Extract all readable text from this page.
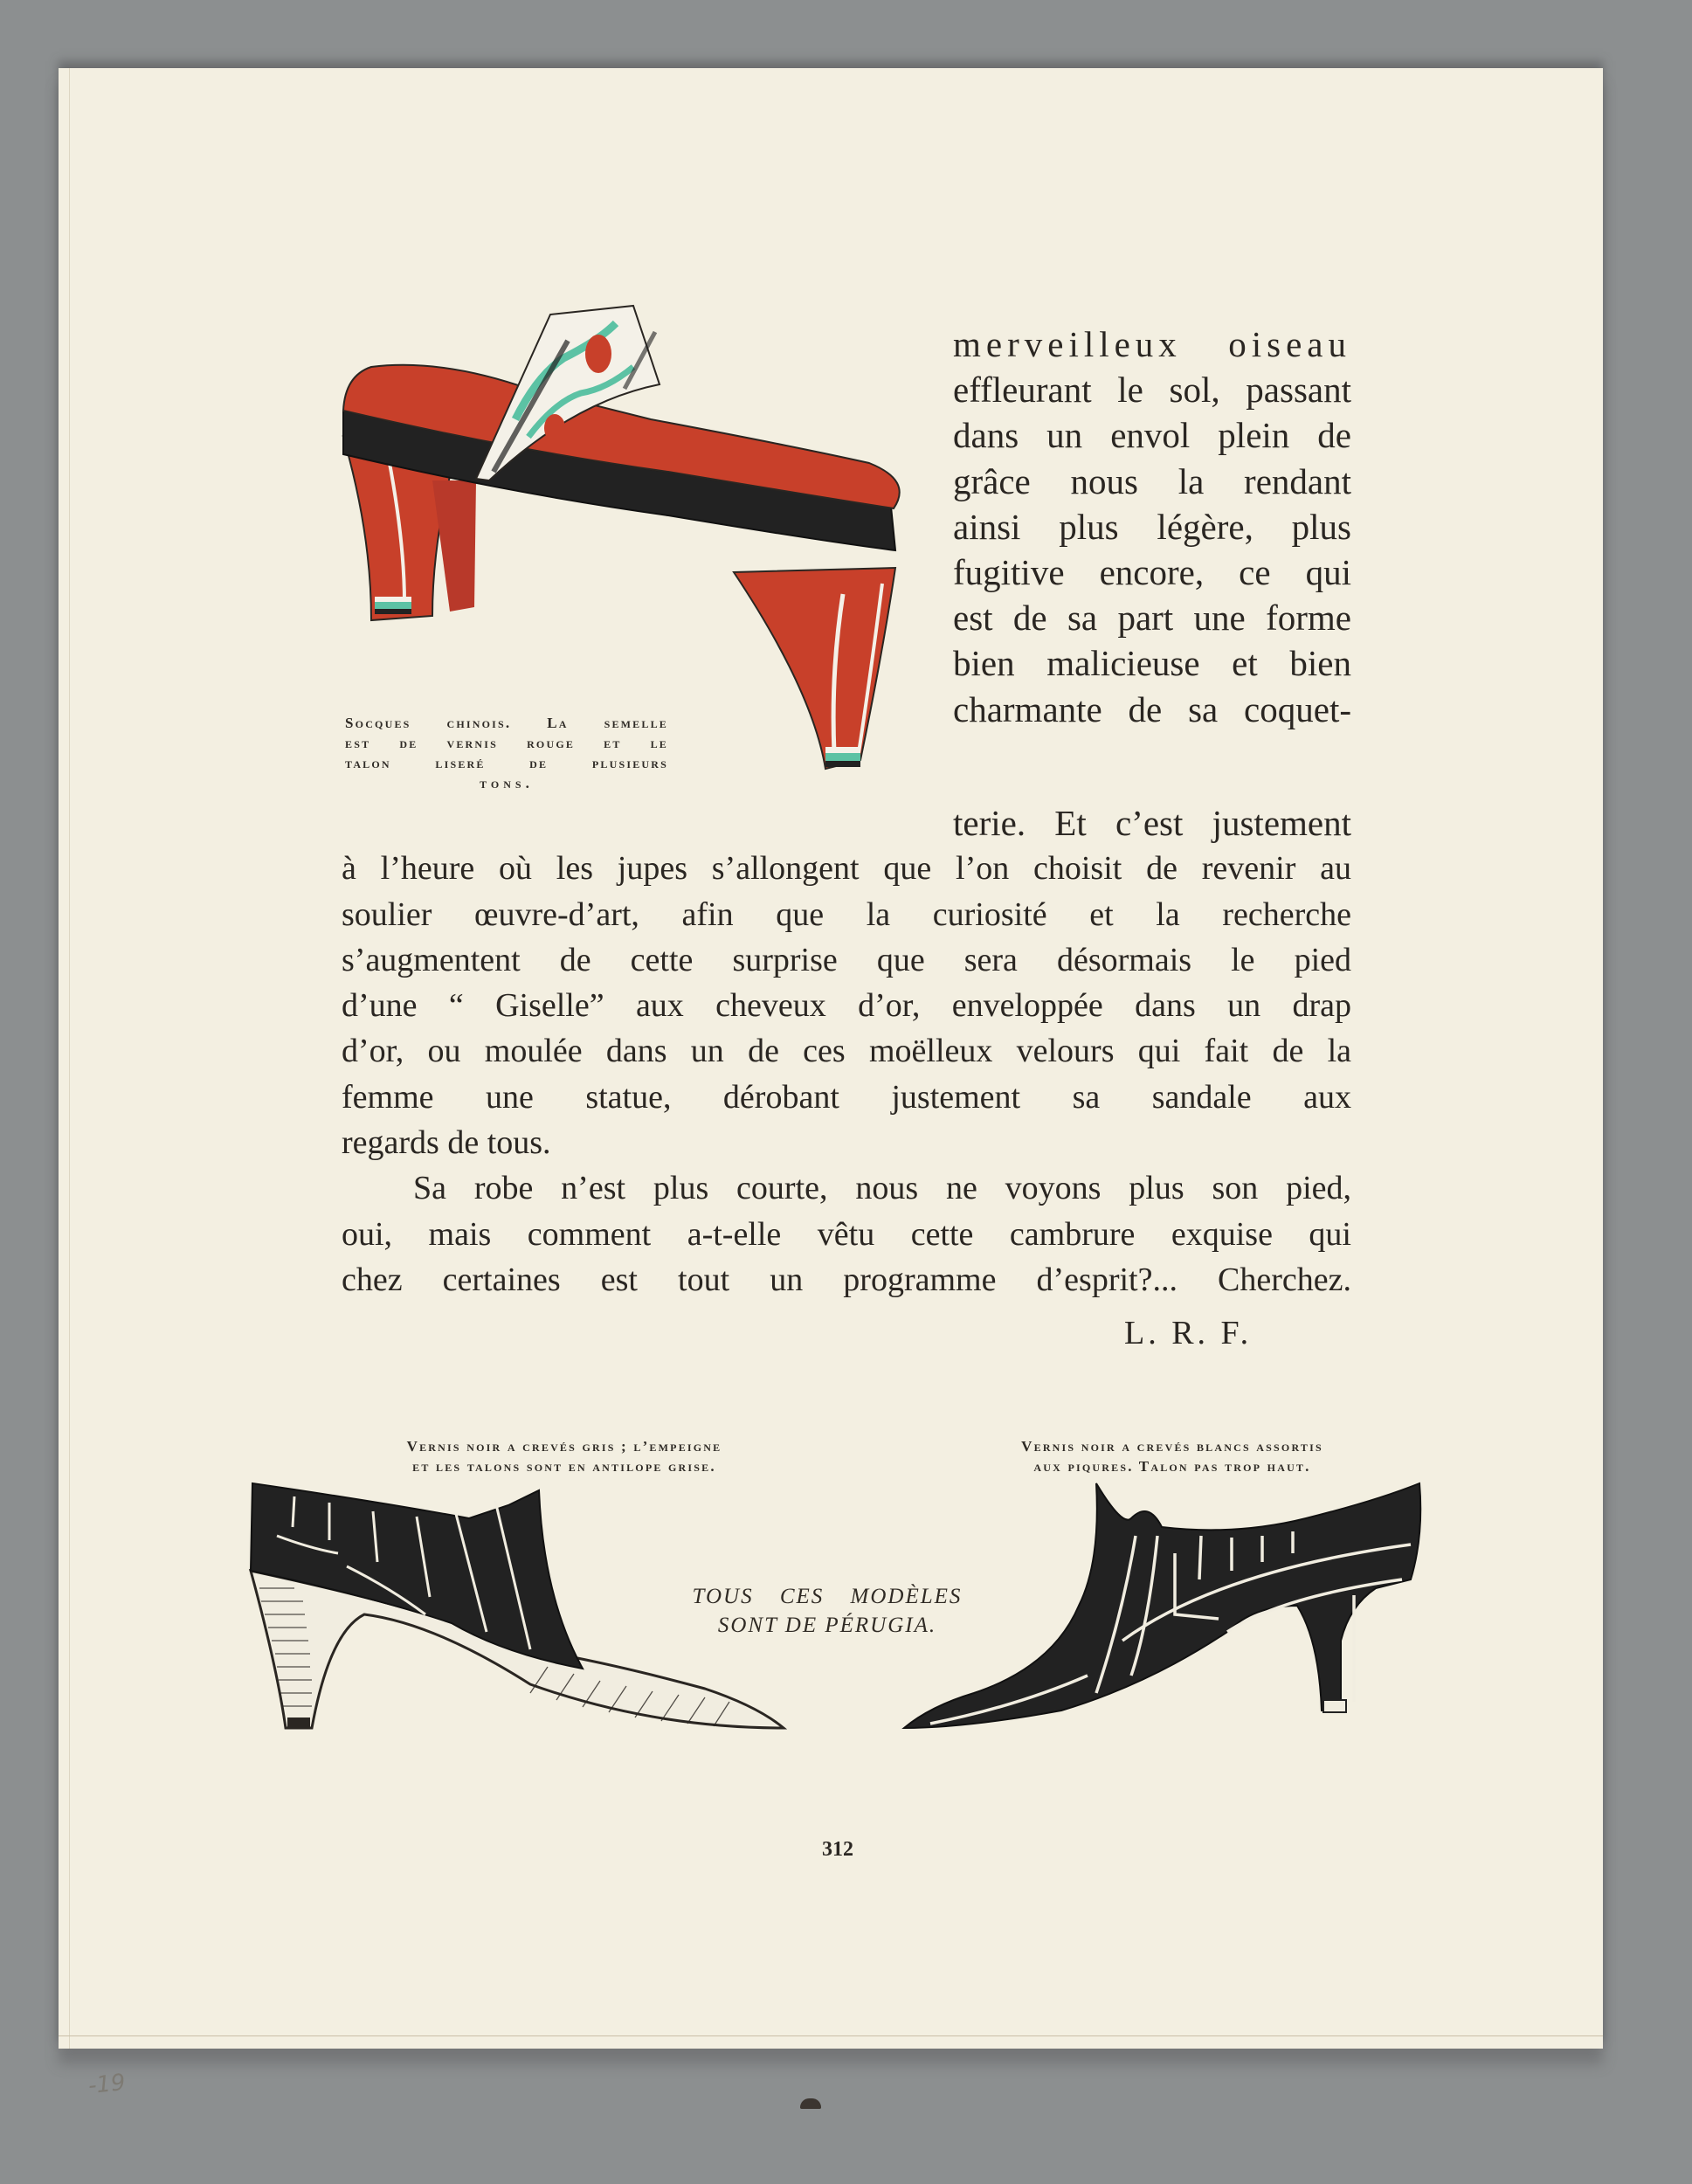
Socques chinois. La semelle
est de vernis rouge et le
talon liseré de plusieurs
tons.
merveilleux oiseau
effleurant le sol, passant
dans un envol plein de
grâce nous la rendant
ainsi plus légère, plus
fugitive encore, ce qui
est de sa part une forme
bien malicieuse et bien
charmante de sa coquet-
terie. Et c’est justement
à l’heure où les jupes s’allongent que l’on choisit de revenir au
soulier œuvre-d’art, afin que la curiosité et la recherche
s’augmentent de cette surprise que sera désormais le pied
d’une “ Giselle” aux cheveux d’or, enveloppée dans un drap
d’or, ou moulée dans un de ces moëlleux velours qui fait de la
femme une statue, dérobant justement sa sandale aux
regards de tous.
Sa robe n’est plus courte, nous ne voyons plus son pied,
oui, mais comment a-t-elle vêtu cette cambrure exquise qui
chez certaines est tout un programme d’esprit?... Cherchez.
L. R. F.
Vernis noir a crevés gris ; l’empeigne
et les talons sont en antilope grise.
Vernis noir a crevés blancs assortis
aux piqures. Talon pas trop haut.
TOUS CES MODÈLES
SONT DE PÉRUGIA.
312
-19
